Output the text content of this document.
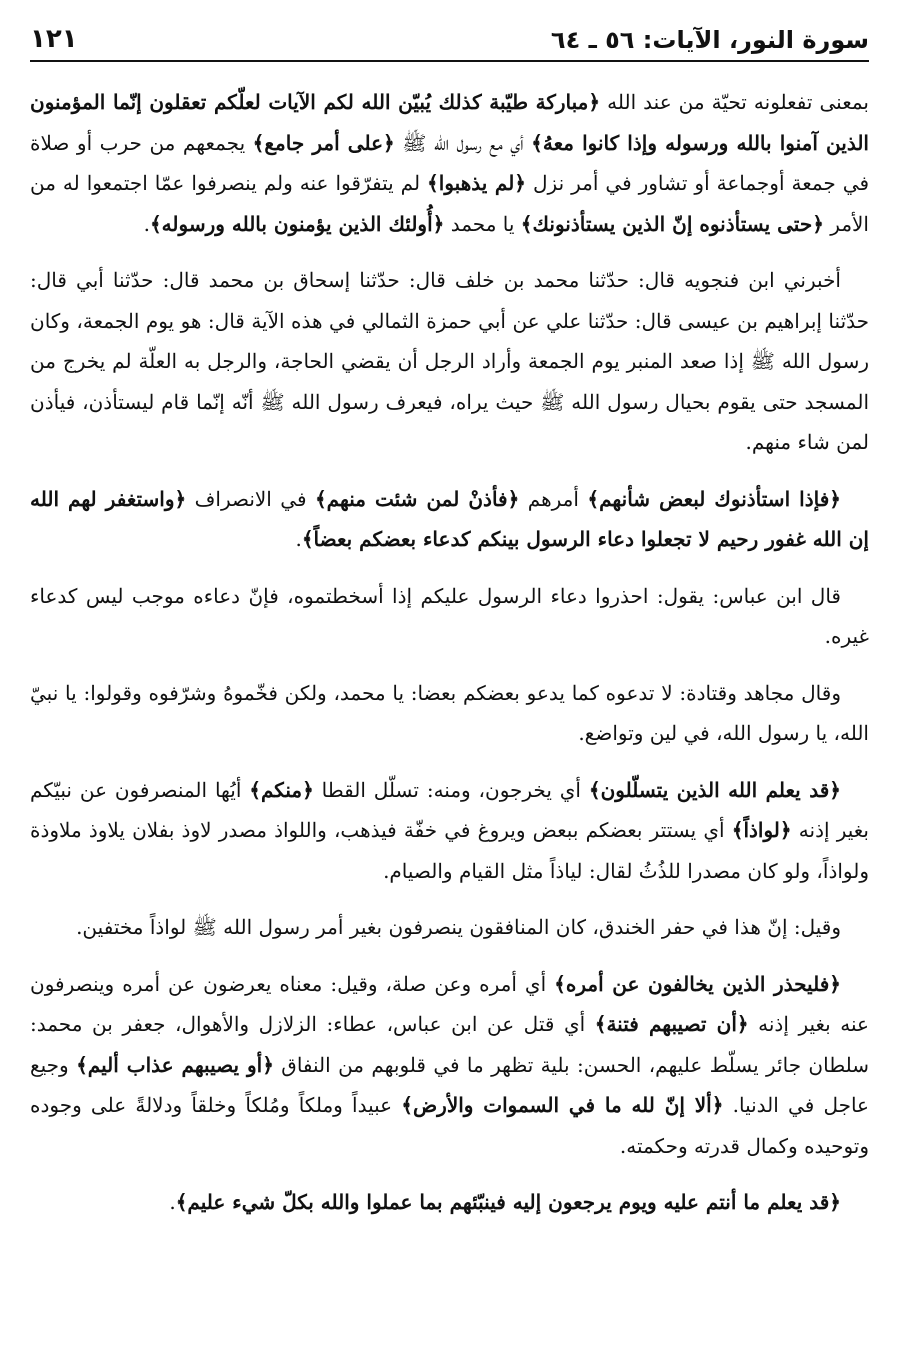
سورة النور، الآيات: ٥٦ ـ ٦٤
١٢١

بمعنى تفعلونه تحيّة من عند الله ﴿مباركة طيّبة كذلك يُبيّن الله لكم الآيات لعلّكم تعقلون إنّما المؤمنون الذين آمنوا بالله ورسوله وإذا كانوا معهُ﴾ أي مع رسول الله ﷺ ﴿على أمر جامع﴾ يجمعهم من حرب أو صلاة في جمعة أوجماعة أو تشاور في أمر نزل ﴿لم يذهبوا﴾ لم يتفرّقوا عنه ولم ينصرفوا عمّا اجتمعوا له من الأمر ﴿حتى يستأذنوه إنّ الذين يستأذنونك﴾ يا محمد ﴿أُولئك الذين يؤمنون بالله ورسوله﴾.

أخبرني ابن فنجويه قال: حدّثنا محمد بن خلف قال: حدّثنا إسحاق بن محمد قال: حدّثنا أبي قال: حدّثنا إبراهيم بن عيسى قال: حدّثنا علي عن أبي حمزة الثمالي في هذه الآية قال: هو يوم الجمعة، وكان رسول الله ﷺ إذا صعد المنبر يوم الجمعة وأراد الرجل أن يقضي الحاجة، والرجل به العلّة لم يخرج من المسجد حتى يقوم بحيال رسول الله ﷺ حيث يراه، فيعرف رسول الله ﷺ أنّه إنّما قام ليستأذن، فيأذن لمن شاء منهم.

﴿فإذا استأذنوك لبعض شأنهم﴾ أمرهم ﴿فأذنْ لمن شئت منهم﴾ في الانصراف ﴿واستغفر لهم الله إن الله غفور رحيم لا تجعلوا دعاء الرسول بينكم كدعاء بعضكم بعضاً﴾.

قال ابن عباس: يقول: احذروا دعاء الرسول عليكم إذا أسخطتموه، فإنّ دعاءه موجب ليس كدعاء غيره.

وقال مجاهد وقتادة: لا تدعوه كما يدعو بعضكم بعضا: يا محمد، ولكن فخّموهُ وشرّفوه وقولوا: يا نبيّ الله، يا رسول الله، في لين وتواضع.

﴿قد يعلم الله الذين يتسلّلون﴾ أي يخرجون، ومنه: تسلّل القطا ﴿منكم﴾ أيُها المنصرفون عن نبيّكم بغير إذنه ﴿لواذاً﴾ أي يستتر بعضكم ببعض ويروغ في خفّة فيذهب، واللواذ مصدر لاوذ بفلان يلاوذ ملاوذة ولواذاً، ولو كان مصدرا للذُثُ لقال: لياذاً مثل القيام والصيام.

وقيل: إنّ هذا في حفر الخندق، كان المنافقون ينصرفون بغير أمر رسول الله ﷺ لواذاً مختفين.

﴿فليحذر الذين يخالفون عن أمره﴾ أي أمره وعن صلة، وقيل: معناه يعرضون عن أمره وينصرفون عنه بغير إذنه ﴿أن تصيبهم فتنة﴾ أي قتل عن ابن عباس، عطاء: الزلازل والأهوال، جعفر بن محمد: سلطان جائر يسلّط عليهم، الحسن: بلية تظهر ما في قلوبهم من النفاق ﴿أو يصيبهم عذاب أليم﴾ وجيع عاجل في الدنيا. ﴿ألا إنّ لله ما في السموات والأرض﴾ عبيداً وملكاً ومُلكاً وخلقاً ودلالةً على وجوده وتوحيده وكمال قدرته وحكمته.

﴿قد يعلم ما أنتم عليه ويوم يرجعون إليه فينبّئهم بما عملوا والله بكلّ شيء عليم﴾.
